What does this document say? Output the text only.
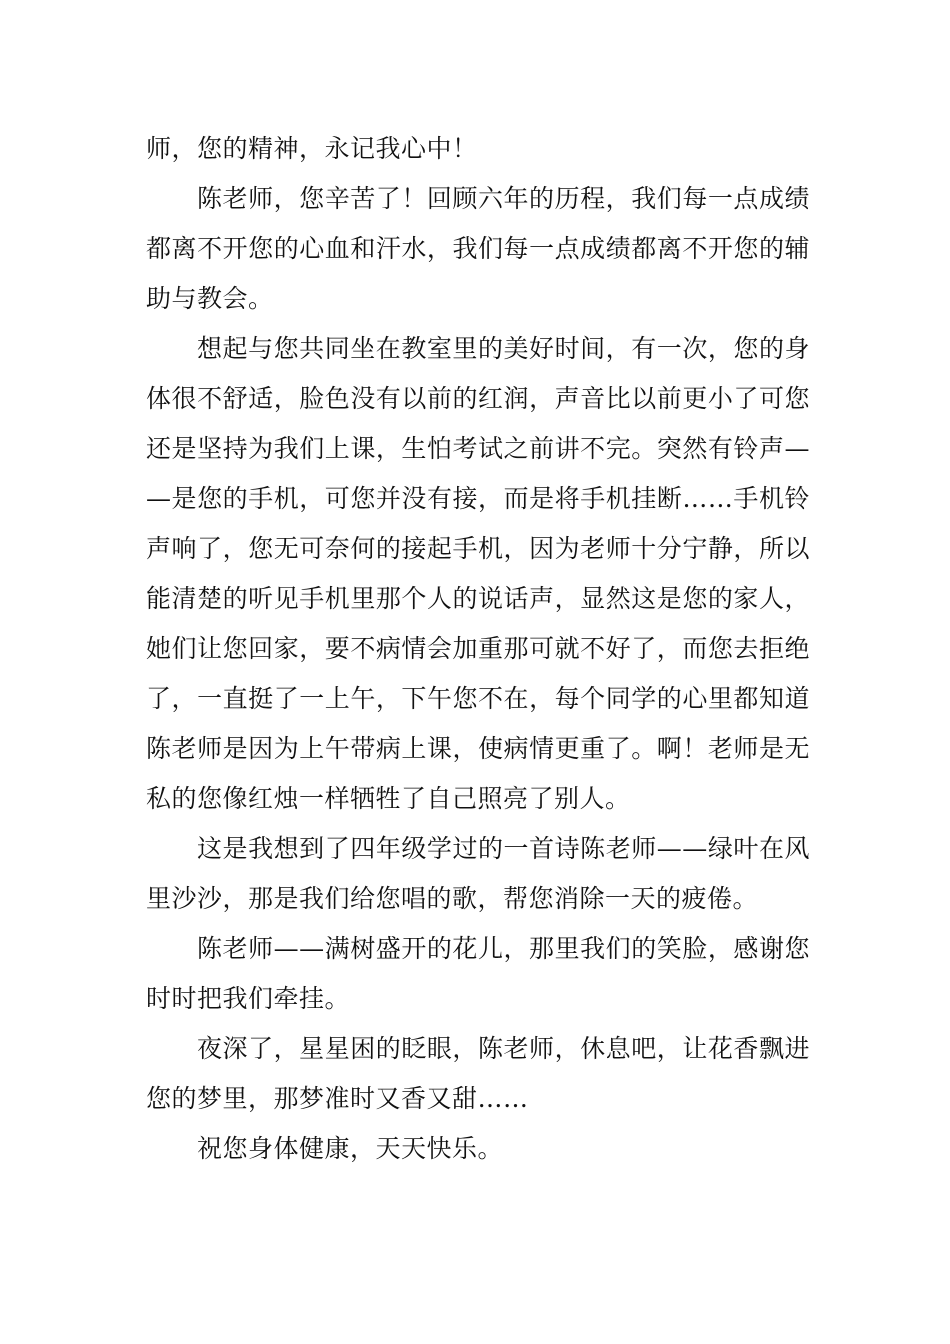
师，您的精神，永记我心中！

陈老师，您辛苦了！回顾六年的历程，我们每一点成绩都离不开您的心血和汗水，我们每一点成绩都离不开您的辅助与教会。

想起与您共同坐在教室里的美好时间，有一次，您的身体很不舒适，脸色没有以前的红润，声音比以前更小了可您还是坚持为我们上课，生怕考试之前讲不完。突然有铃声——是您的手机，可您并没有接，而是将手机挂断……手机铃声响了，您无可奈何的接起手机，因为老师十分宁静，所以能清楚的听见手机里那个人的说话声，显然这是您的家人，她们让您回家，要不病情会加重那可就不好了，而您去拒绝了，一直挺了一上午，下午您不在，每个同学的心里都知道陈老师是因为上午带病上课，使病情更重了。啊！老师是无私的您像红烛一样牺牲了自己照亮了别人。

这是我想到了四年级学过的一首诗陈老师——绿叶在风里沙沙，那是我们给您唱的歌，帮您消除一天的疲倦。

陈老师——满树盛开的花儿，那里我们的笑脸，感谢您时时把我们牵挂。

夜深了，星星困的眨眼，陈老师，休息吧，让花香飘进您的梦里，那梦准时又香又甜……

祝您身体健康，天天快乐。
